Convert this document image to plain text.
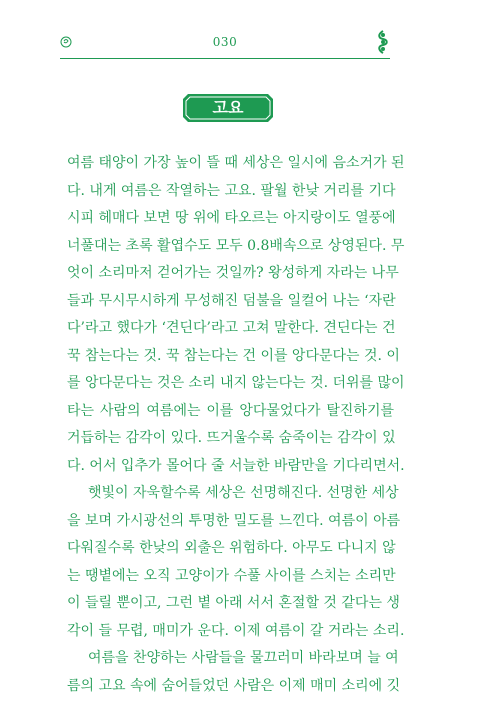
030
고요
여름 태양이 가장 높이 뜰 때 세상은 일시에 음소거가 된
다. 내게 여름은 작열하는 고요. 팔월 한낮 거리를 기다
시피 헤매다 보면 땅 위에 타오르는 아지랑이도 열풍에
너풀대는 초록 활엽수도 모두 0.8배속으로 상영된다. 무
엇이 소리마저 걷어가는 것일까? 왕성하게 자라는 나무
들과 무시무시하게 무성해진 덤불을 일컬어 나는 ‘자란
다’라고 했다가 ‘견딘다’라고 고쳐 말한다. 견딘다는 건
꾹 참는다는 것. 꾹 참는다는 건 이를 앙다문다는 것. 이
를 앙다문다는 것은 소리 내지 않는다는 것. 더위를 많이
타는 사람의 여름에는 이를 앙다물었다가 탈진하기를
거듭하는 감각이 있다. 뜨거울수록 숨죽이는 감각이 있
다. 어서 입추가 몰어다 줄 서늘한 바람만을 기다리면서.
햇빛이 자욱할수록 세상은 선명해진다. 선명한 세상
을 보며 가시광선의 투명한 밀도를 느낀다. 여름이 아름
다워질수록 한낮의 외출은 위험하다. 아무도 다니지 않
는 땡볕에는 오직 고양이가 수풀 사이를 스치는 소리만
이 들릴 뿐이고, 그런 볕 아래 서서 혼절할 것 같다는 생
각이 들 무렵, 매미가 운다. 이제 여름이 갈 거라는 소리.
여름을 찬양하는 사람들을 물끄러미 바라보며 늘 여
름의 고요 속에 숨어들었던 사람은 이제 매미 소리에 깃
